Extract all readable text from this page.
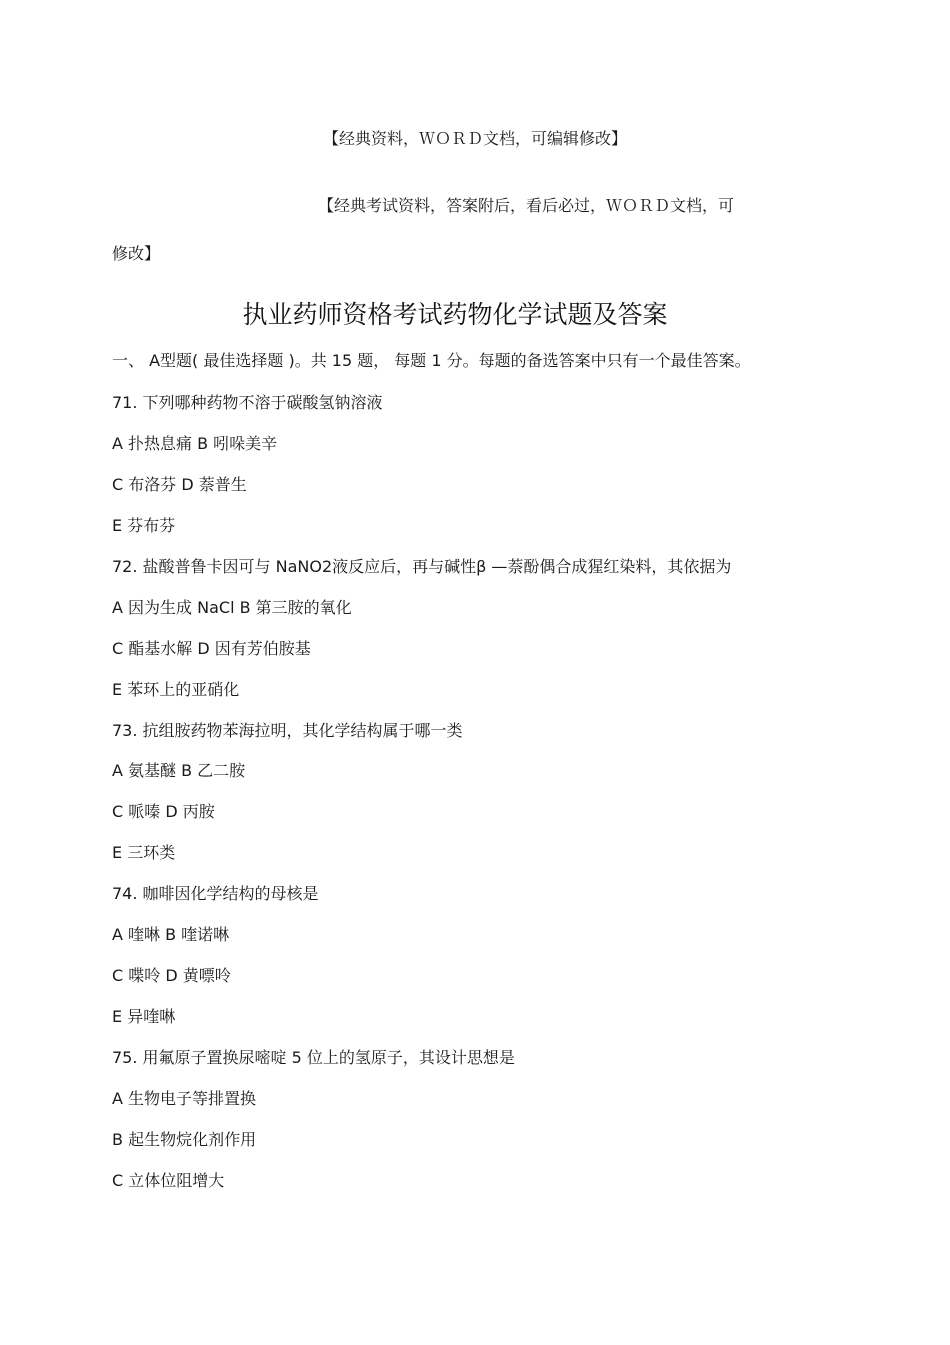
【经典资料，ＷＯＲＤ文档，可编辑修改】
【经典考试资料，答案附后，看后必过，ＷＯＲＤ文档，可
修改】
执业药师资格考试药物化学试题及答案
一、 A型题( 最佳选择题 )。共 15 题， 每题 1 分。每题的备选答案中只有一个最佳答案。
71. 下列哪种药物不溶于碳酸氢钠溶液
A 扑热息痛 B 吲哚美辛
C 布洛芬 D 萘普生
E 芬布芬
72. 盐酸普鲁卡因可与 NaNO2液反应后，再与碱性β —萘酚偶合成猩红染料，其依据为
A 因为生成 NaCl B 第三胺的氧化
C 酯基水解 D 因有芳伯胺基
E 苯环上的亚硝化
73. 抗组胺药物苯海拉明，其化学结构属于哪一类
A 氨基醚 B 乙二胺
C 哌嗪 D 丙胺
E 三环类
74. 咖啡因化学结构的母核是
A 喹啉 B 喹诺啉
C 喋呤 D 黄嘌呤
E 异喹啉
75. 用氟原子置换尿嘧啶 5 位上的氢原子，其设计思想是
A 生物电子等排置换
B 起生物烷化剂作用
C 立体位阻增大
